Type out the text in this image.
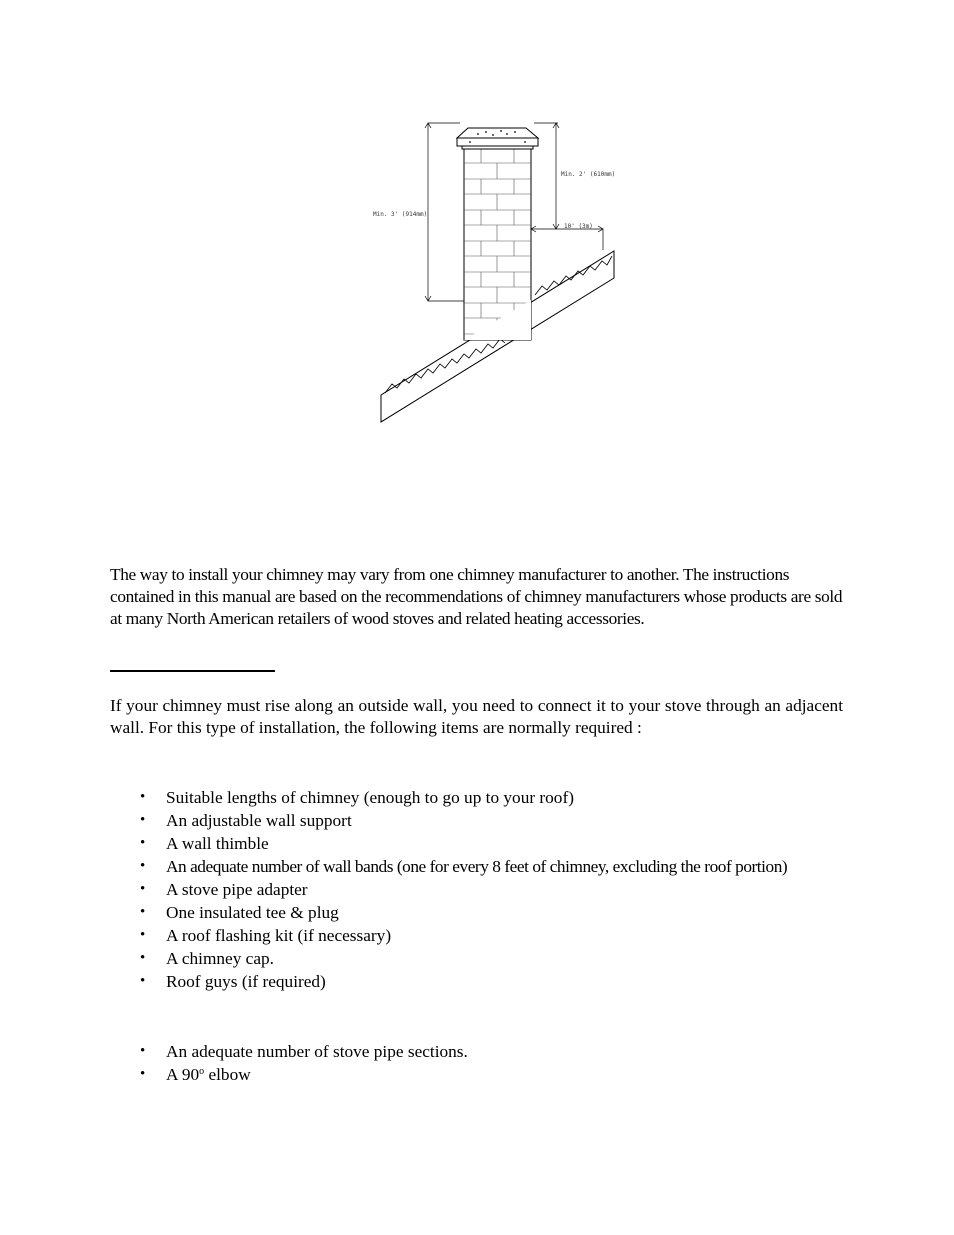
Min. 3' (914mm)
Min. 2' (610mm)
10' (3m)

The way to install your chimney may vary from one chimney manufacturer to another. The instructions contained in this manual are based on the recommendations of chimney manufacturers whose products are sold at many North American retailers of wood stoves and related heating accessories.

If your chimney must rise along an outside wall, you need to connect it to your stove through an adjacent wall. For this type of installation, the following items are normally required :

• Suitable lengths of chimney (enough to go up to your roof)
• An adjustable wall support
• A wall thimble
• An adequate number of wall bands (one for every 8 feet of chimney, excluding the roof portion)
• A stove pipe adapter
• One insulated tee & plug
• A roof flashing kit (if necessary)
• A chimney cap.
• Roof guys (if required)
• An adequate number of stove pipe sections.
• A 90$^o$ elbow
